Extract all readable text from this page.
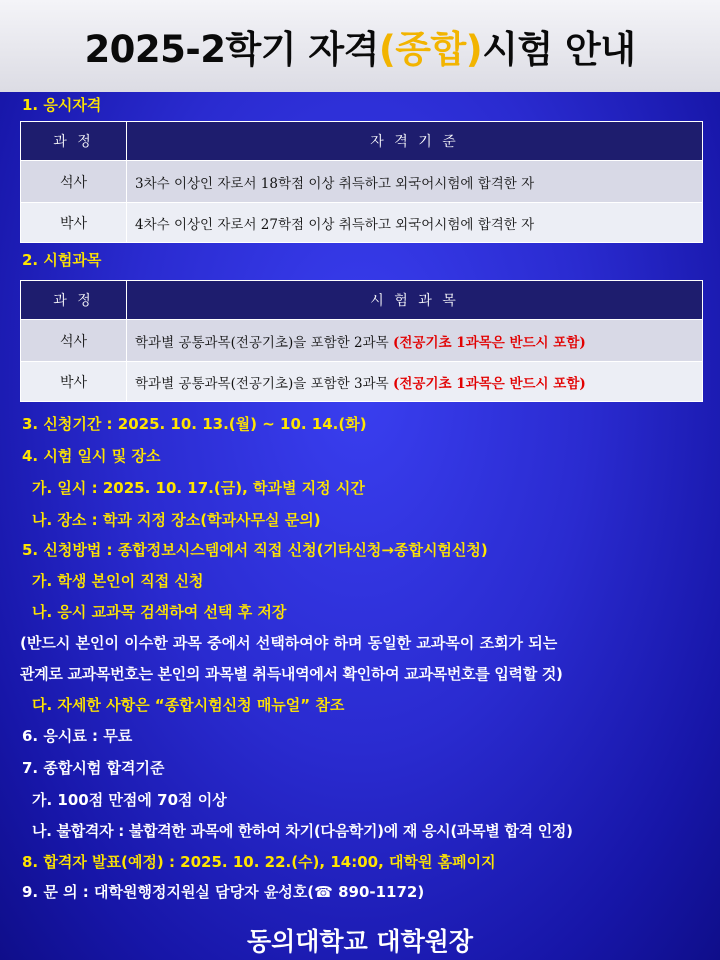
2025-2학기 자격(종합)시험 안내
1. 응시자격
과 정	자 격 기 준
석사	3차수 이상인 자로서 18학점 이상 취득하고 외국어시험에 합격한 자
박사	4차수 이상인 자로서 27학점 이상 취득하고 외국어시험에 합격한 자
2. 시험과목
과 정	시 험 과 목
석사	학과별 공통과목(전공기초)을 포함한 2과목 (전공기초 1과목은 반드시 포함)
박사	학과별 공통과목(전공기초)을 포함한 3과목 (전공기초 1과목은 반드시 포함)
3. 신청기간 : 2025. 10. 13.(월) ~ 10. 14.(화)
4. 시험 일시 및 장소
가. 일시 : 2025. 10. 17.(금), 학과별 지정 시간
나. 장소 : 학과 지정 장소(학과사무실 문의)
5. 신청방법 : 종합정보시스템에서 직접 신청(기타신청→종합시험신청)
가. 학생 본인이 직접 신청
나. 응시 교과목 검색하여 선택 후 저장
(반드시 본인이 이수한 과목 중에서 선택하여야 하며 동일한 교과목이 조회가 되는
관계로 교과목번호는 본인의 과목별 취득내역에서 확인하여 교과목번호를 입력할 것)
다. 자세한 사항은 “종합시험신청 매뉴얼” 참조
6. 응시료 : 무료
7. 종합시험 합격기준
가. 100점 만점에 70점 이상
나. 불합격자 : 불합격한 과목에 한하여 차기(다음학기)에 재 응시(과목별 합격 인정)
8. 합격자 발표(예정) : 2025. 10. 22.(수), 14:00, 대학원 홈페이지
9. 문 의 : 대학원행정지원실 담당자 윤성호(☎ 890-1172)
동의대학교 대학원장
